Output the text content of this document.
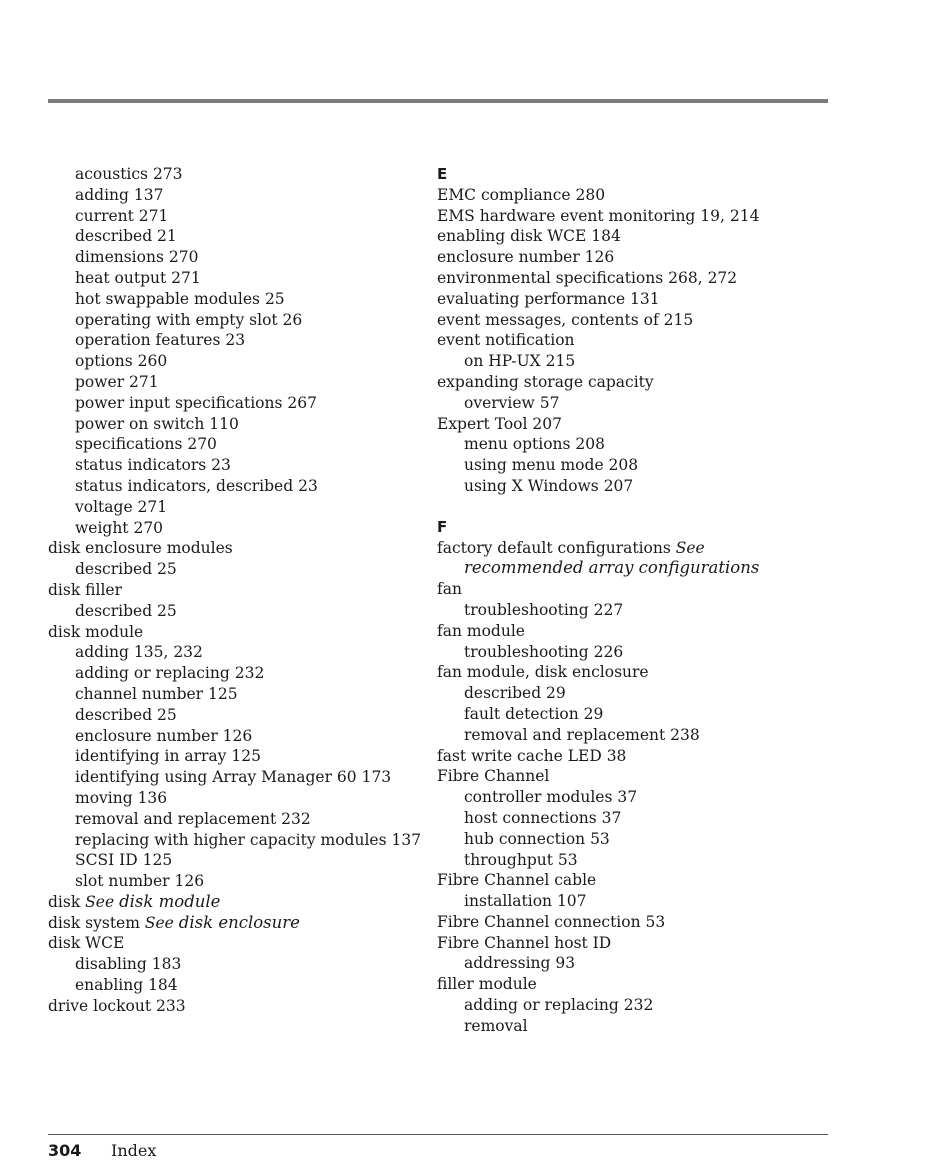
acoustics 273
adding 137
current 271
described 21
dimensions 270
heat output 271
hot swappable modules 25
operating with empty slot 26
operation features 23
options 260
power 271
power input specifications 267
power on switch 110
specifications 270
status indicators 23
status indicators, described 23
voltage 271
weight 270
disk enclosure modules
described 25
disk filler
described 25
disk module
adding 135, 232
adding or replacing 232
channel number 125
described 25
enclosure number 126
identifying in array 125
identifying using Array Manager 60 173
moving 136
removal and replacement 232
replacing with higher capacity modules 137
SCSI ID 125
slot number 126
disk See disk module
disk system See disk enclosure
disk WCE
disabling 183
enabling 184
drive lockout 233
E
EMC compliance 280
EMS hardware event monitoring 19, 214
enabling disk WCE 184
enclosure number 126
environmental specifications 268, 272
evaluating performance 131
event messages, contents of 215
event notification
on HP-UX 215
expanding storage capacity
overview 57
Expert Tool 207
menu options 208
using menu mode 208
using X Windows 207
F
factory default configurations See
recommended array configurations
fan
troubleshooting 227
fan module
troubleshooting 226
fan module, disk enclosure
described 29
fault detection 29
removal and replacement 238
fast write cache LED 38
Fibre Channel
controller modules 37
host connections 37
hub connection 53
throughput 53
Fibre Channel cable
installation 107
Fibre Channel connection 53
Fibre Channel host ID
addressing 93
filler module
adding or replacing 232
removal
304 Index
